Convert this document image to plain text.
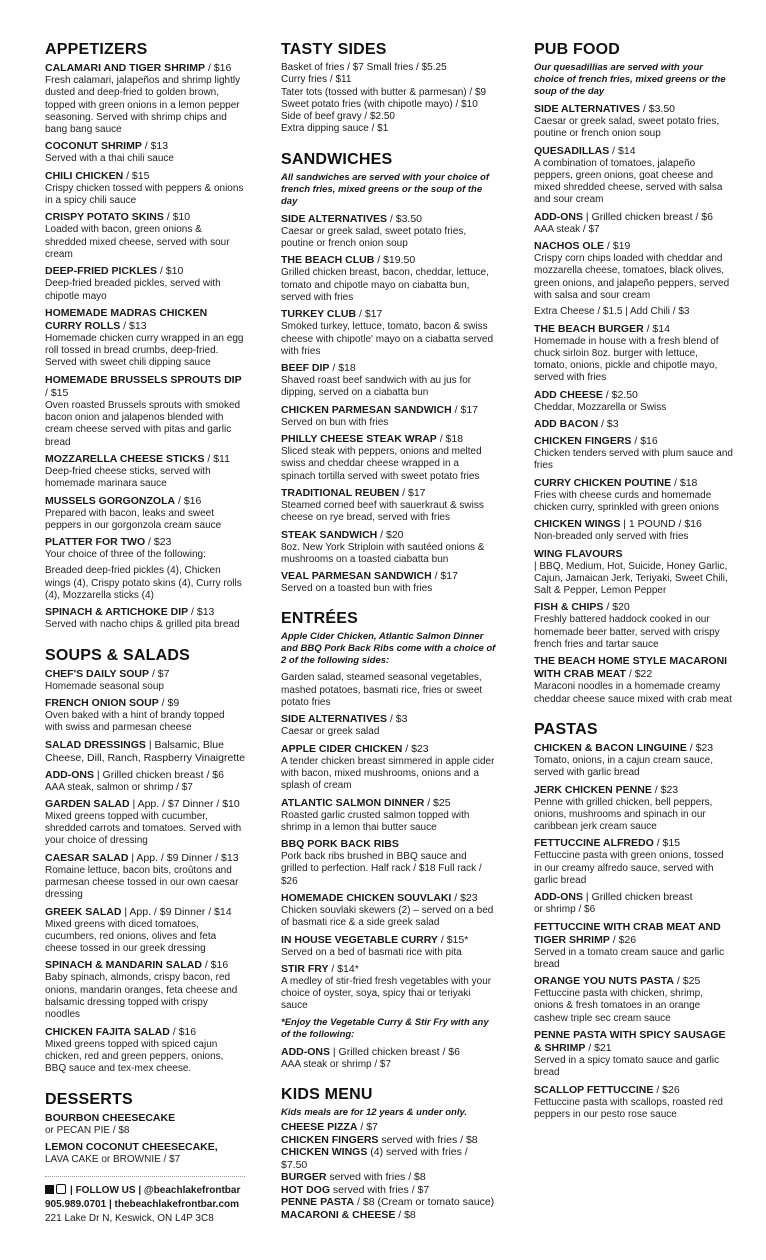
APPETIZERS
CALAMARI AND TIGER SHRIMP / $16
Fresh calamari, jalapeños and shrimp lightly dusted and deep-fried to golden brown, topped with green onions in a lemon pepper seasoning. Served with shrimp chips and bang bang sauce
COCONUT SHRIMP / $13
Served with a thai chili sauce
CHILI CHICKEN / $15
Crispy chicken tossed with peppers & onions in a spicy chili sauce
CRISPY POTATO SKINS / $10
Loaded with bacon, green onions & shredded mixed cheese, served with sour cream
DEEP-FRIED PICKLES / $10
Deep-fried breaded pickles, served with chipotle mayo
HOMEMADE MADRAS CHICKEN CURRY ROLLS / $13
Homemade chicken curry wrapped in an egg roll tossed in bread crumbs, deep-fried. Served with sweet chili dipping sauce
HOMEMADE BRUSSELS SPROUTS DIP / $15
Oven roasted Brussels sprouts with smoked bacon onion and jalapenos blended with cream cheese served with pitas and garlic bread
MOZZARELLA CHEESE STICKS / $11
Deep-fried cheese sticks, served with homemade marinara sauce
MUSSELS GORGONZOLA / $16
Prepared with bacon, leaks and sweet peppers in our gorgonzola cream sauce
PLATTER FOR TWO / $23
Your choice of three of the following:
Breaded deep-fried pickles (4), Chicken wings (4), Crispy potato skins (4), Curry rolls (4), Mozzarella sticks (4)
SPINACH & ARTICHOKE DIP / $13
Served with nacho chips & grilled pita bread
SOUPS & SALADS
CHEF'S DAILY SOUP / $7
Homemade seasonal soup
FRENCH ONION SOUP / $9
Oven baked with a hint of brandy topped with swiss and parmesan cheese
SALAD DRESSINGS | Balsamic, Blue Cheese, Dill, Ranch, Raspberry Vinaigrette
ADD-ONS | Grilled chicken breast / $6
AAA steak, salmon or shrimp / $7
GARDEN SALAD | App. / $7 Dinner / $10
Mixed greens topped with cucumber, shredded carrots and tomatoes. Served with your choice of dressing
CAESAR SALAD | App. / $9 Dinner / $13
Romaine lettuce, bacon bits, croûtons and parmesan cheese tossed in our own caesar dressing
GREEK SALAD | App. / $9 Dinner / $14
Mixed greens with diced tomatoes, cucumbers, red onions, olives and feta cheese tossed in our greek dressing
SPINACH & MANDARIN SALAD / $16
Baby spinach, almonds, crispy bacon, red onions, mandarin oranges, feta cheese and balsamic dressing topped with crispy noodles
CHICKEN FAJITA SALAD / $16
Mixed greens topped with spiced cajun chicken, red and green peppers, onions, BBQ sauce and tex-mex cheese.
DESSERTS
BOURBON CHEESECAKE
or PECAN PIE / $8
LEMON COCONUT CHEESECAKE,
LAVA CAKE or BROWNIE / $7
| FOLLOW US | @beachlakefrontbar
905.989.0701 | thebeachlakefrontbar.com
221 Lake Dr N, Keswick, ON L4P 3C8
TASTY SIDES
Basket of fries / $7 Small fries / $5.25
Curry fries / $11
Tater tots (tossed with butter & parmesan) / $9
Sweet potato fries (with chipotle mayo) / $10
Side of beef gravy / $2.50
Extra dipping sauce / $1
SANDWICHES
All sandwiches are served with your choice of french fries, mixed greens or the soup of the day
SIDE ALTERNATIVES / $3.50
Caesar or greek salad, sweet potato fries, poutine or french onion soup
THE BEACH CLUB / $19.50
Grilled chicken breast, bacon, cheddar, lettuce, tomato and chipotle mayo on ciabatta bun, served with fries
TURKEY CLUB / $17
Smoked turkey, lettuce, tomato, bacon & swiss cheese with chipotle' mayo on a ciabatta served with fries
BEEF DIP / $18
Shaved roast beef sandwich with au jus for dipping, served on a ciabatta bun
CHICKEN PARMESAN SANDWICH / $17
Served on bun with fries
PHILLY CHEESE STEAK WRAP / $18
Sliced steak with peppers, onions and melted swiss and cheddar cheese wrapped in a spinach tortilla served with sweet potato fries
TRADITIONAL REUBEN / $17
Steamed corned beef with sauerkraut & swiss cheese on rye bread, served with fries
STEAK SANDWICH / $20
8oz. New York Striploin with sautéed onions & mushrooms on a toasted ciabatta bun
VEAL PARMESAN SANDWICH / $17
Served on a toasted bun with fries
ENTRÉES
Apple Cider Chicken, Atlantic Salmon Dinner and BBQ Pork Back Ribs come with a choice of 2 of the following sides:
Garden salad, steamed seasonal vegetables, mashed potatoes, basmati rice, fries or sweet potato fries
SIDE ALTERNATIVES / $3
Caesar or greek salad
APPLE CIDER CHICKEN / $23
A tender chicken breast simmered in apple cider with bacon, mixed mushrooms, onions and a splash of cream
ATLANTIC SALMON DINNER / $25
Roasted garlic crusted salmon topped with shrimp in a lemon thai butter sauce
BBQ PORK BACK RIBS
Pork back ribs brushed in BBQ sauce and grilled to perfection. Half rack / $18 Full rack / $26
HOMEMADE CHICKEN SOUVLAKI / $23
Chicken souvlaki skewers (2) – served on a bed of basmati rice & a side greek salad
IN HOUSE VEGETABLE CURRY / $15*
Served on a bed of basmati rice with pita
STIR FRY / $14*
A medley of stir-fried fresh vegetables with your choice of oyster, soya, spicy thai or teriyaki sauce
*Enjoy the Vegetable Curry & Stir Fry with any of the following:
ADD-ONS | Grilled chicken breast / $6
AAA steak or shrimp / $7
KIDS MENU
Kids meals are for 12 years & under only.
CHEESE PIZZA / $7
CHICKEN FINGERS served with fries / $8
CHICKEN WINGS (4) served with fries / $7.50
BURGER served with fries / $8
HOT DOG served with fries / $7
PENNE PASTA / $8 (Cream or tomato sauce)
MACARONI & CHEESE / $8
PUB FOOD
Our quesadillias are served with your choice of french fries, mixed greens or the soup of the day
SIDE ALTERNATIVES / $3.50
Caesar or greek salad, sweet potato fries, poutine or french onion soup
QUESADILLAS / $14
A combination of tomatoes, jalapeño peppers, green onions, goat cheese and mixed shredded cheese, served with salsa and sour cream
ADD-ONS | Grilled chicken breast / $6
AAA steak / $7
NACHOS OLE / $19
Crispy corn chips loaded with cheddar and mozzarella cheese, tomatoes, black olives, green onions, and jalapeño peppers, served with salsa and sour cream
Extra Cheese / $1.5 | Add Chili / $3
THE BEACH BURGER / $14
Homemade in house with a fresh blend of chuck sirloin 8oz. burger with lettuce, tomato, onions, pickle and chipotle mayo, served with fries
ADD CHEESE / $2.50
Cheddar, Mozzarella or Swiss
ADD BACON / $3
CHICKEN FINGERS / $16
Chicken tenders served with plum sauce and fries
CURRY CHICKEN POUTINE / $18
Fries with cheese curds and homemade chicken curry, sprinkled with green onions
CHICKEN WINGS | 1 POUND / $16
Non-breaded only served with fries
WING FLAVOURS
| BBQ, Medium, Hot, Suicide, Honey Garlic, Cajun, Jamaican Jerk, Teriyaki, Sweet Chili, Salt & Pepper, Lemon Pepper
FISH & CHIPS / $20
Freshly battered haddock cooked in our homemade beer batter, served with crispy french fries and tartar sauce
THE BEACH HOME STYLE MACARONI WITH CRAB MEAT / $22
Maraconi noodles in a homemade creamy cheddar cheese sauce mixed with crab meat
PASTAS
CHICKEN & BACON LINGUINE / $23
Tomato, onions, in a cajun cream sauce, served with garlic bread
JERK CHICKEN PENNE / $23
Penne with grilled chicken, bell peppers, onions, mushrooms and spinach in our caribbean jerk cream sauce
FETTUCCINE ALFREDO / $15
Fettuccine pasta with green onions, tossed in our creamy alfredo sauce, served with garlic bread
ADD-ONS | Grilled chicken breast
or shrimp / $6
FETTUCCINE WITH CRAB MEAT AND TIGER SHRIMP / $26
Served in a tomato cream sauce and garlic bread
ORANGE YOU NUTS PASTA / $25
Fettuccine pasta with chicken, shrimp, onions & fresh tomatoes in an orange cashew triple sec cream sauce
PENNE PASTA WITH SPICY SAUSAGE & SHRIMP / $21
Served in a spicy tomato sauce and garlic bread
SCALLOP FETTUCCINE / $26
Fettuccine pasta with scallops, roasted red peppers in our pesto rose sauce
